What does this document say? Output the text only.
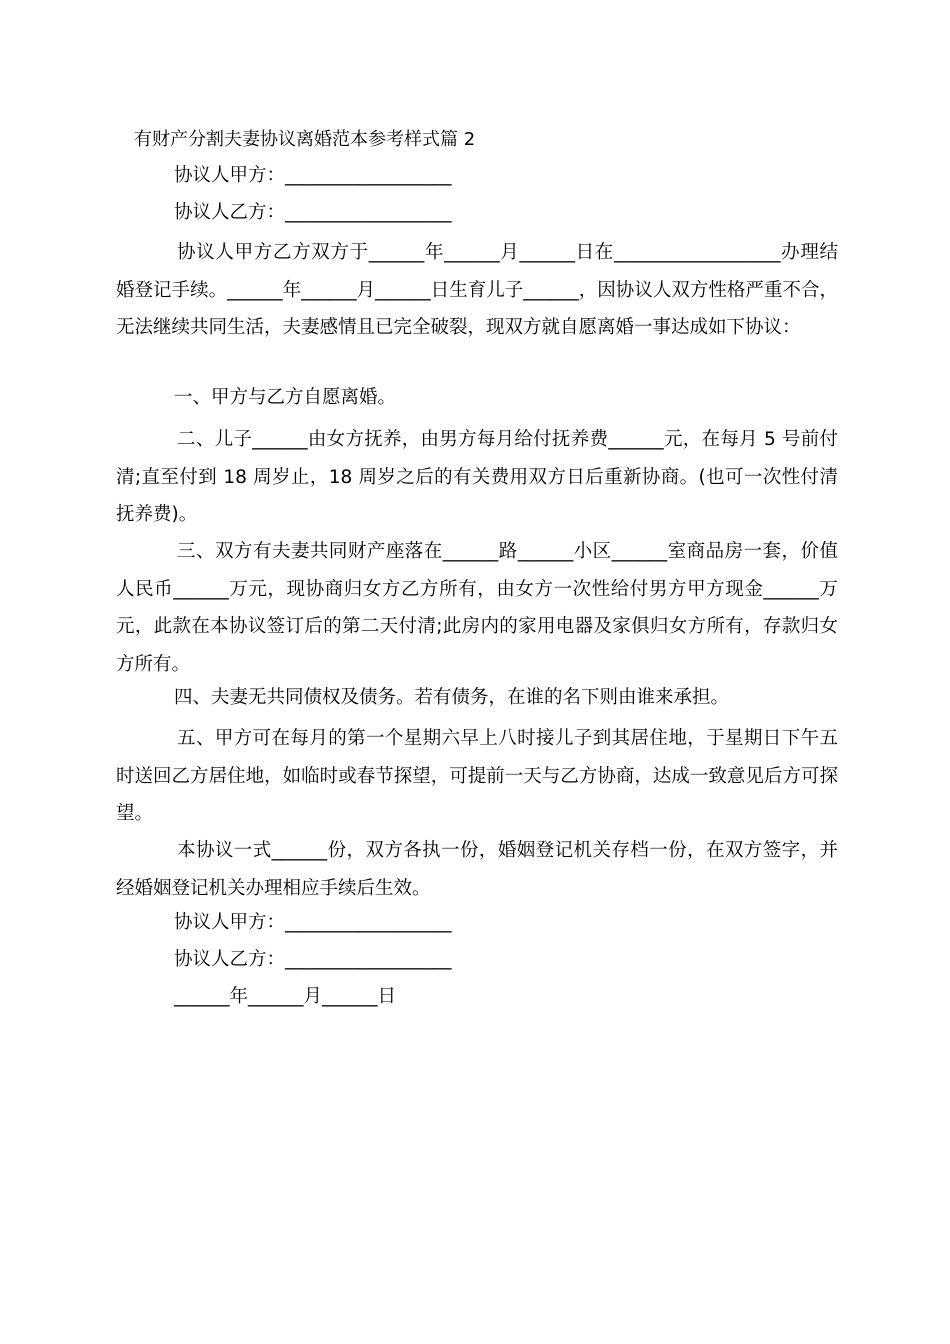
有财产分割夫妻协议离婚范本参考样式篇 2
协议人甲方：__________________
协议人乙方：__________________
协议人甲方乙方双方于______年______月______日在__________________办理结婚登记手续。______年______月______日生育儿子______，因协议人双方性格严重不合，无法继续共同生活，夫妻感情且已完全破裂，现双方就自愿离婚一事达成如下协议：
一、甲方与乙方自愿离婚。
二、儿子______由女方抚养，由男方每月给付抚养费______元，在每月 5 号前付清;直至付到 18 周岁止，18 周岁之后的有关费用双方日后重新协商。(也可一次性付清抚养费)。
三、双方有夫妻共同财产座落在______路______小区______室商品房一套，价值人民币______万元，现协商归女方乙方所有，由女方一次性给付男方甲方现金______万元，此款在本协议签订后的第二天付清;此房内的家用电器及家俱归女方所有，存款归女方所有。
四、夫妻无共同债权及债务。若有债务，在谁的名下则由谁来承担。
五、甲方可在每月的第一个星期六早上八时接儿子到其居住地，于星期日下午五时送回乙方居住地，如临时或春节探望，可提前一天与乙方协商，达成一致意见后方可探望。
本协议一式______份，双方各执一份，婚姻登记机关存档一份，在双方签字，并经婚姻登记机关办理相应手续后生效。
协议人甲方：__________________
协议人乙方：__________________
______年______月______日
